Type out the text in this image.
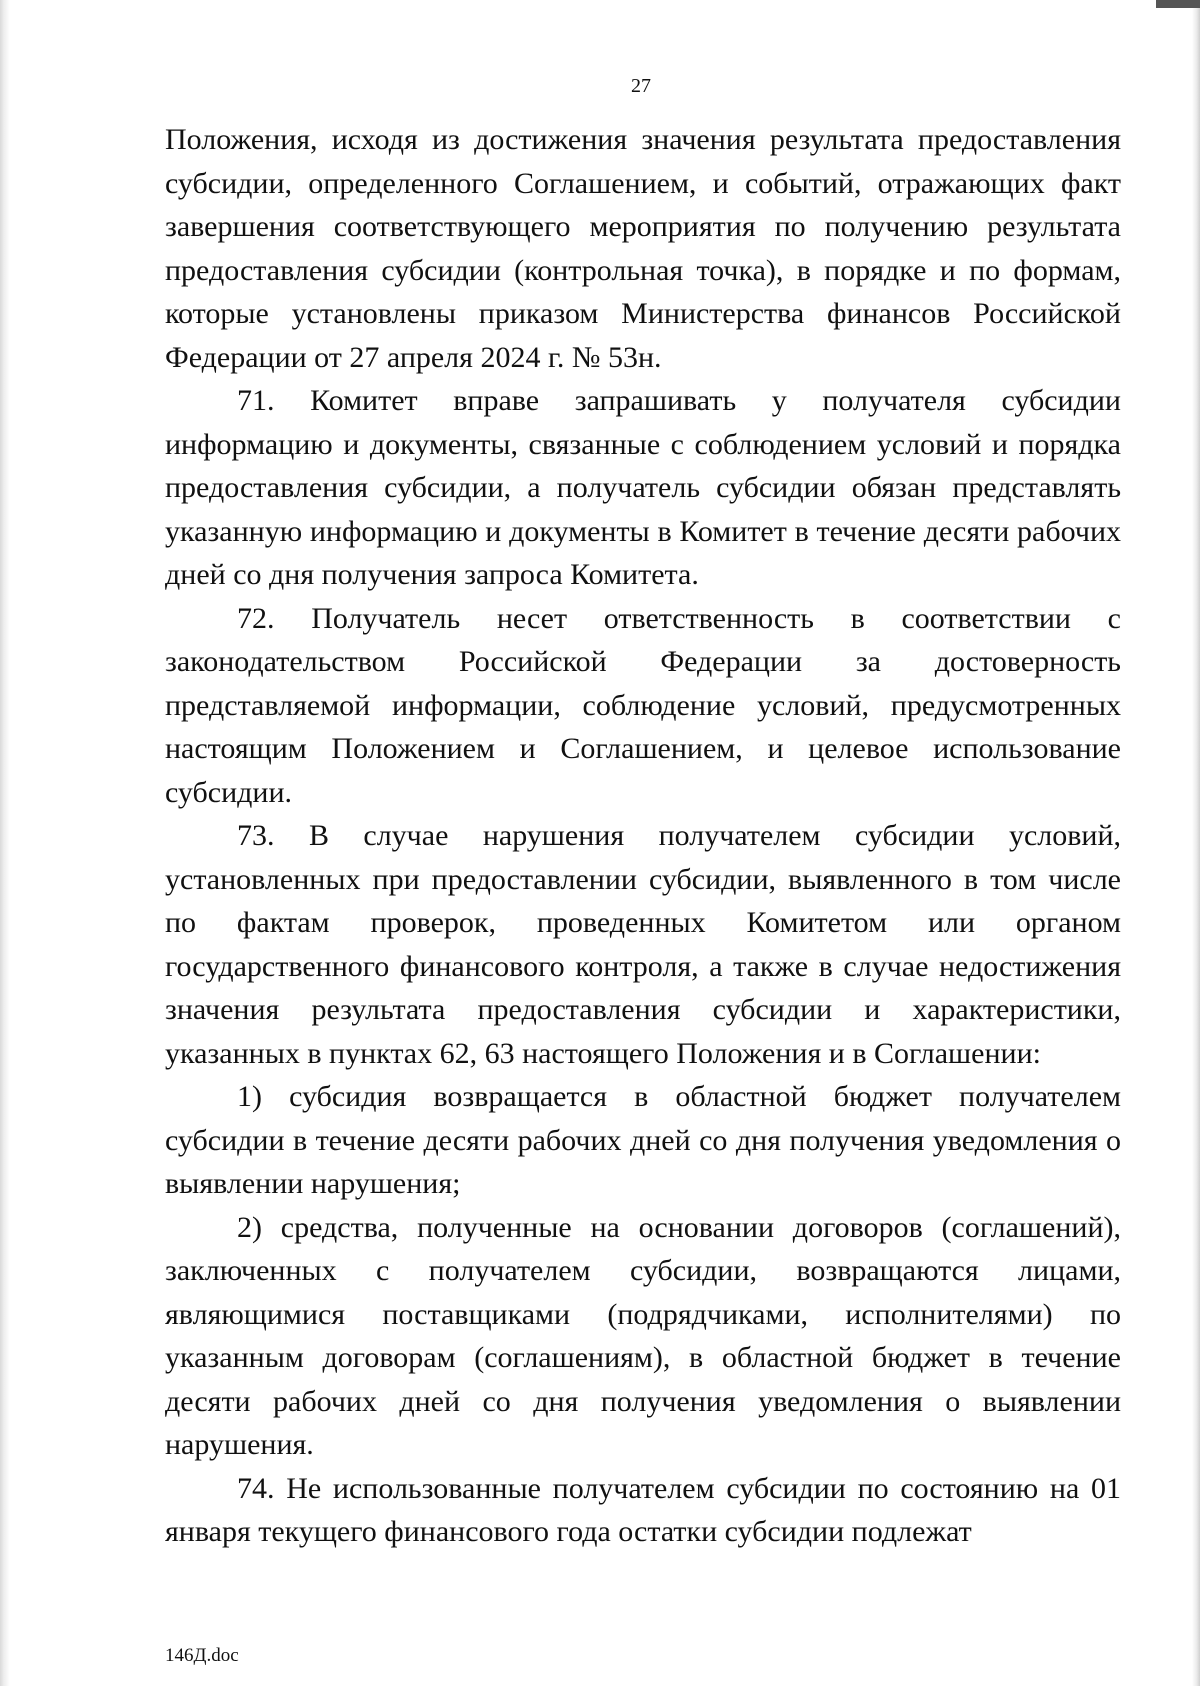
27

Положения, исходя из достижения значения результата предоставления субсидии, определенного Соглашением, и событий, отражающих факт завершения соответствующего мероприятия по получению результата предоставления субсидии (контрольная точка), в порядке и по формам, которые установлены приказом Министерства финансов Российской Федерации от 27 апреля 2024 г. № 53н.

71. Комитет вправе запрашивать у получателя субсидии информацию и документы, связанные с соблюдением условий и порядка предоставления субсидии, а получатель субсидии обязан представлять указанную информацию и документы в Комитет в течение десяти рабочих дней со дня получения запроса Комитета.

72. Получатель несет ответственность в соответствии с законодательством Российской Федерации за достоверность представляемой информации, соблюдение условий, предусмотренных настоящим Положением и Соглашением, и целевое использование субсидии.

73. В случае нарушения получателем субсидии условий, установленных при предоставлении субсидии, выявленного в том числе по фактам проверок, проведенных Комитетом или органом государственного финансового контроля, а также в случае недостижения значения результата предоставления субсидии и характеристики, указанных в пунктах 62, 63 настоящего Положения и в Соглашении:

1) субсидия возвращается в областной бюджет получателем субсидии в течение десяти рабочих дней со дня получения уведомления о выявлении нарушения;

2) средства, полученные на основании договоров (соглашений), заключенных с получателем субсидии, возвращаются лицами, являющимися поставщиками (подрядчиками, исполнителями) по указанным договорам (соглашениям), в областной бюджет в течение десяти рабочих дней со дня получения уведомления о выявлении нарушения.

74. Не использованные получателем субсидии по состоянию на 01 января текущего финансового года остатки субсидии подлежат

146Д.doc
